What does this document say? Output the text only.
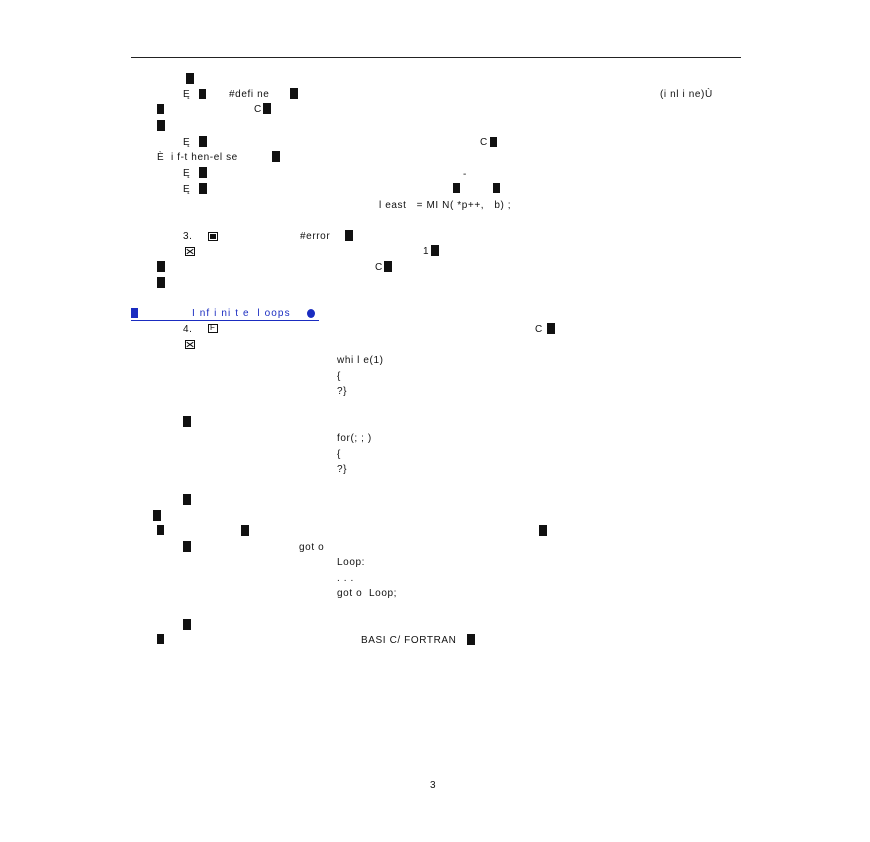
Ę	#defi ne	(i nl i ne)Ù
C
Ę	C
È  i f-t hen-el se
Ę	-
Ę
l east   = MI N( *p++,   b) ;
3.	#error
1
C
I nf i ni t e  l oops
4. F	C
whi l e(1)
{
?}
for(; ; )
{
?}
got o
Loop:
. . .
got o  Loop;
BASI C/ FORTRAN
3
